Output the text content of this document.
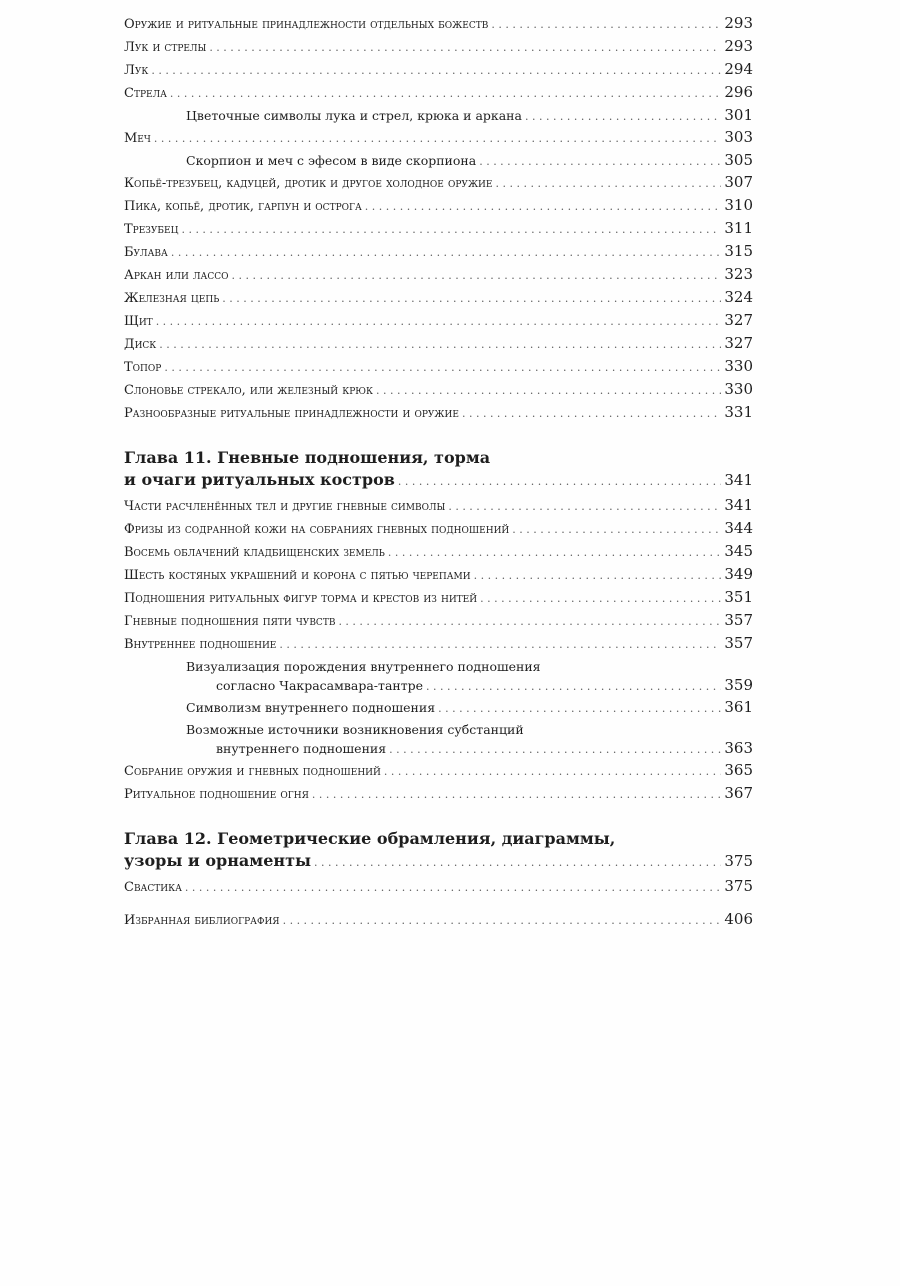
Оружие и ритуальные принадлежности отдельных божеств . . .	293
Лук и стрелы . . .	293
Лук . . .	294
Стрела . . .	296
Цветочные символы лука и стрел, крюка и аркана . . .	301
Меч . . .	303
Скорпион и меч с эфесом в виде скорпиона . . .	305
Копьё-трезубец, кадуцей, дротик и другое холодное оружие . . .	307
Пика, копьё, дротик, гарпун и острога . . .	310
Трезубец . . .	311
Булава . . .	315
Аркан или лассо . . .	323
Железная цепь . . .	324
Щит . . .	327
Диск . . .	327
Топор . . .	330
Слоновье стрекало, или железный крюк . . .	330
Разнообразные ритуальные принадлежности и оружие . . .	331
Глава 11. Гневные подношения, торма
и очаги ритуальных костров . . .	341
Части расчленённых тел и другие гневные символы . . .	341
Фризы из содранной кожи на собраниях гневных подношений . . .	344
Восемь облачений кладбищенских земель . . .	345
Шесть костяных украшений и корона с пятью черепами . . .	349
Подношения ритуальных фигур торма и крестов из нитей . . .	351
Гневные подношения пяти чувств . . .	357
Внутреннее подношение . . .	357
Визуализация порождения внутреннего подношения
согласно Чакрасамвара-тантре . . .	359
Символизм внутреннего подношения . . .	361
Возможные источники возникновения субстанций
внутреннего подношения . . .	363
Собрание оружия и гневных подношений . . .	365
Ритуальное подношение огня . . .	367
Глава 12. Геометрические обрамления, диаграммы,
узоры и орнаменты . . .	375
Свастика . . .	375
Избранная библиография . . .	406
